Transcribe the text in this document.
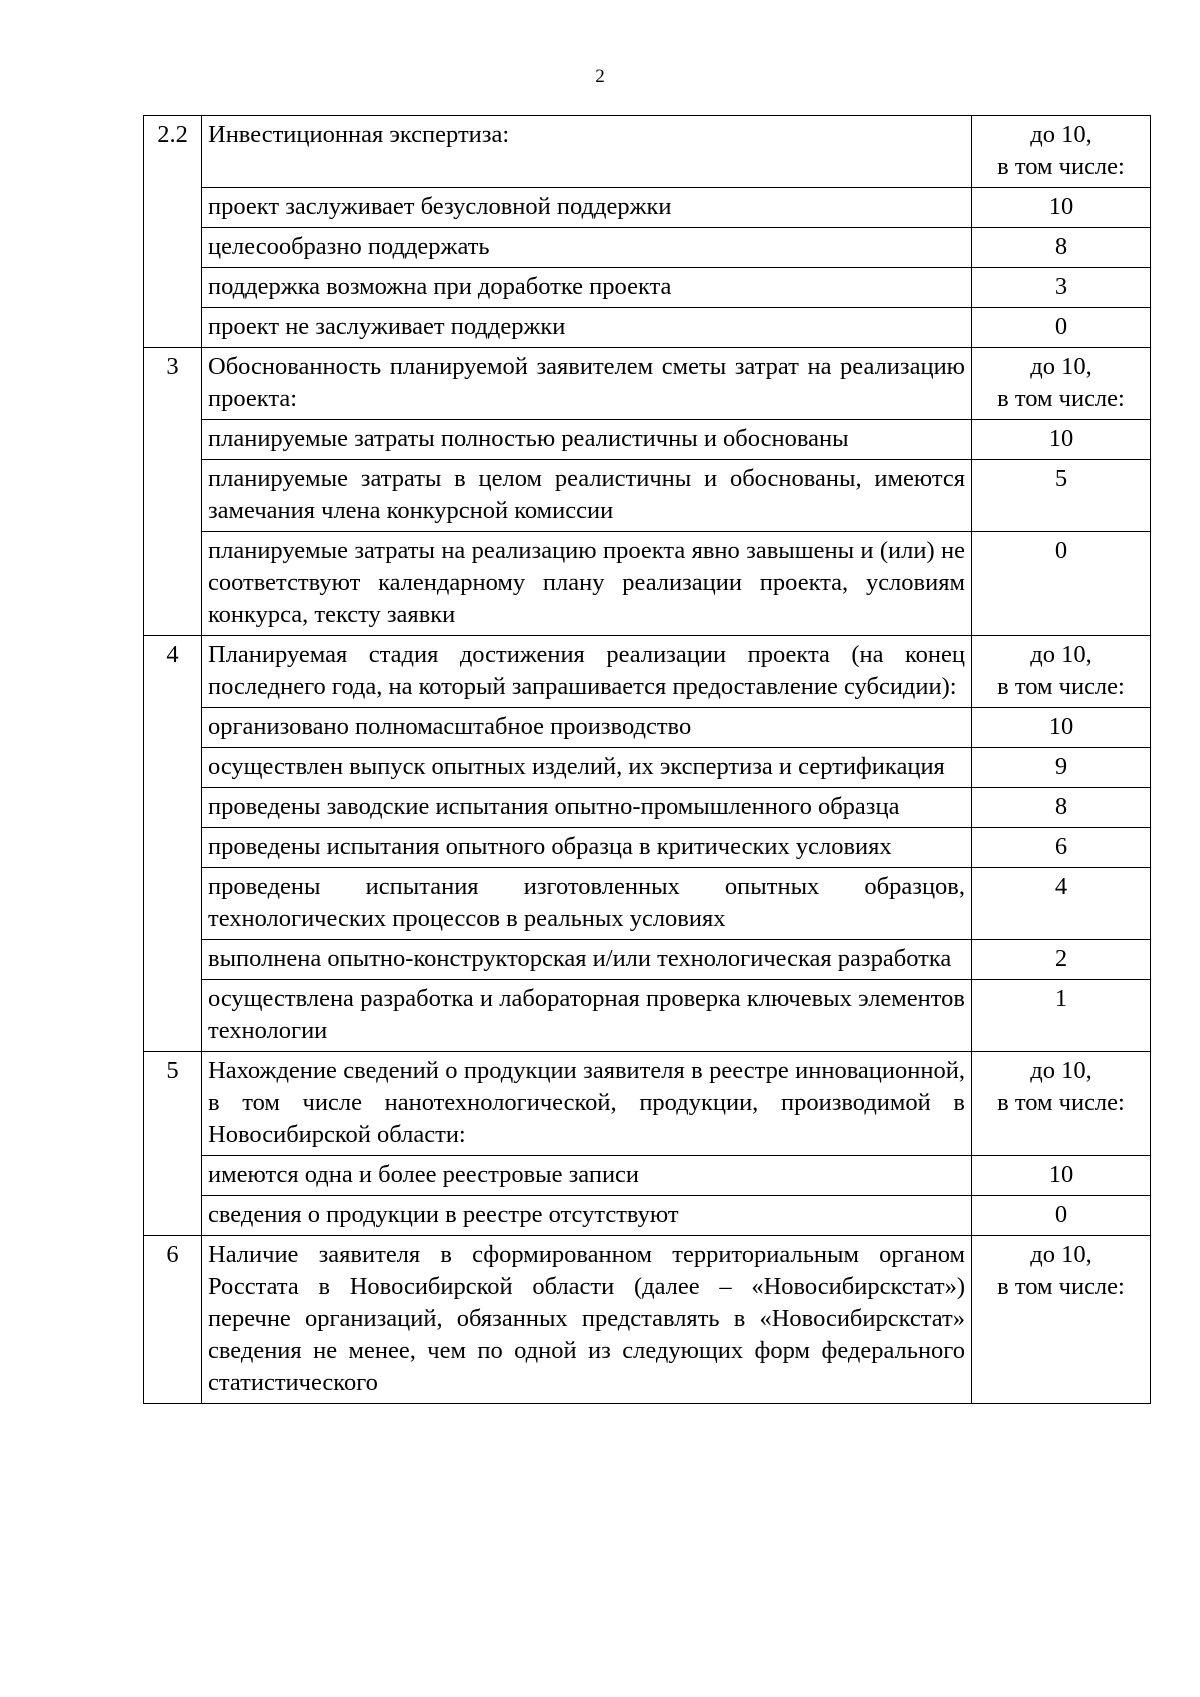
2
2.2	Инвестиционная экспертиза:	до 10,
в том числе:

	проект заслуживает безусловной поддержки	10
	целесообразно поддержать	8
	поддержка возможна при доработке проекта	3
	проект не заслуживает поддержки	0
3	Обоснованность планируемой заявителем сметы затрат на реализацию проекта:	до 10,
в том числе:

	планируемые затраты полностью реалистичны и обоснованы	10
	планируемые затраты в целом реалистичны и обоснованы, имеются замечания члена конкурсной комиссии	5
	планируемые затраты на реализацию проекта явно завышены и (или) не соответствуют календарному плану реализации проекта, условиям конкурса, тексту заявки	0
4	Планируемая стадия достижения реализации проекта (на конец последнего года, на который запрашивается предоставление субсидии):	до 10,
в том числе:

	организовано полномасштабное производство	10
	осуществлен выпуск опытных изделий, их экспертиза и сертификация	9
	проведены заводские испытания опытно-промышленного образца	8
	проведены испытания опытного образца в критических условиях	6
	проведены испытания изготовленных опытных образцов, технологических процессов в реальных условиях	4
	выполнена опытно-конструкторская и/или технологическая разработка	2
	осуществлена разработка и лабораторная проверка ключевых элементов технологии	1
5	Нахождение сведений о продукции заявителя в реестре инновационной, в том числе нанотехнологической, продукции, производимой в Новосибирской области:	до 10,
в том числе:

	имеются одна и более реестровые записи	10
	сведения о продукции в реестре отсутствуют	0
6	Наличие заявителя в сформированном территориальным органом Росстата в Новосибирской области (далее – «Новосибирскстат») перечне организаций, обязанных представлять в «Новосибирскстат» сведения не менее, чем по одной из следующих форм федерального статистического	до 10,
в том числе:
